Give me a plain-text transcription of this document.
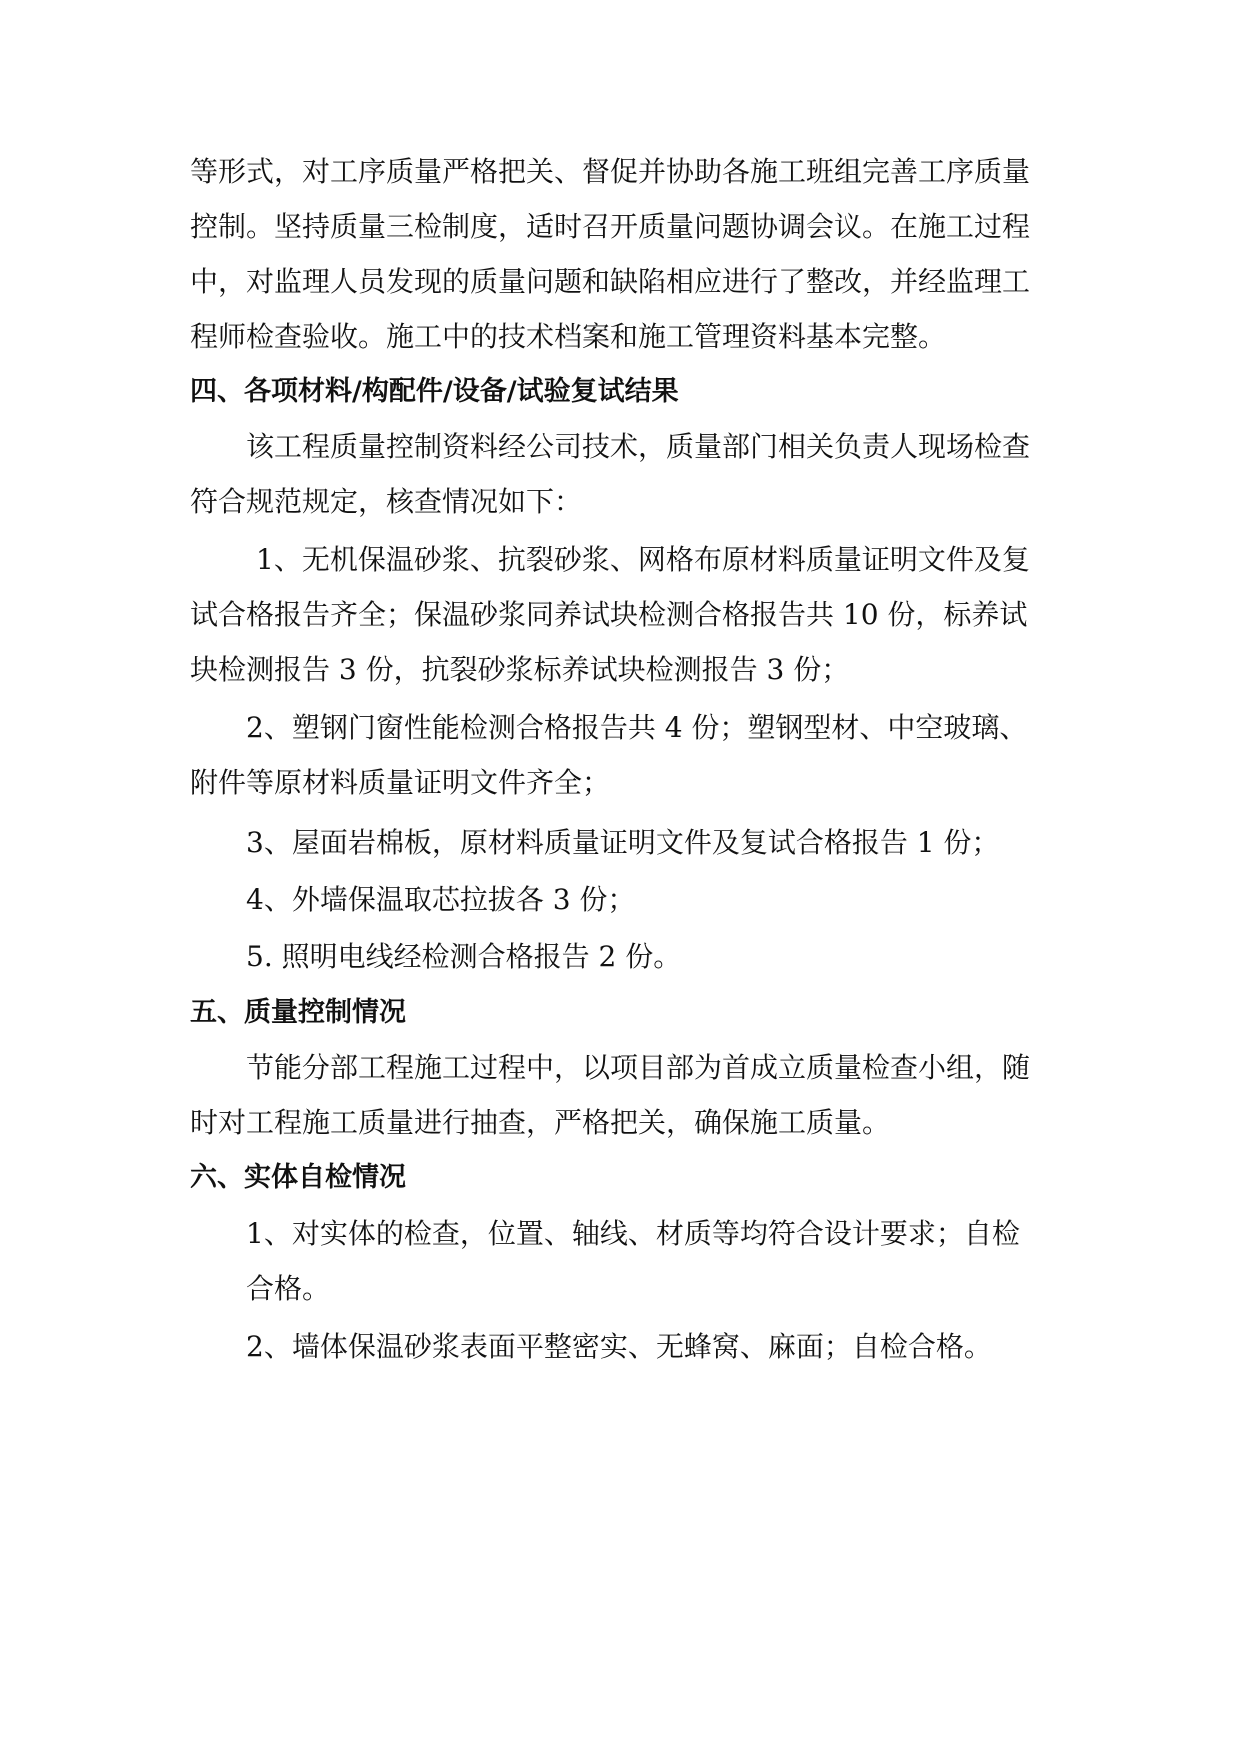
等形式，对工序质量严格把关、督促并协助各施工班组完善工序质量
控制。坚持质量三检制度，适时召开质量问题协调会议。在施工过程
中，对监理人员发现的质量问题和缺陷相应进行了整改，并经监理工
程师检查验收。施工中的技术档案和施工管理资料基本完整。
四、各项材料/构配件/设备/试验复试结果
该工程质量控制资料经公司技术，质量部门相关负责人现场检查
符合规范规定，核查情况如下：
1、无机保温砂浆、抗裂砂浆、网格布原材料质量证明文件及复
试合格报告齐全；保温砂浆同养试块检测合格报告共 10 份，标养试
块检测报告 3 份，抗裂砂浆标养试块检测报告 3 份；
2、塑钢门窗性能检测合格报告共 4 份；塑钢型材、中空玻璃、
附件等原材料质量证明文件齐全；
3、屋面岩棉板，原材料质量证明文件及复试合格报告 1 份；
4、外墙保温取芯拉拔各 3 份；
5. 照明电线经检测合格报告 2 份。
五、质量控制情况
节能分部工程施工过程中，以项目部为首成立质量检查小组，随
时对工程施工质量进行抽查，严格把关，确保施工质量。
六、实体自检情况
1、对实体的检查，位置、轴线、材质等均符合设计要求；自检
合格。
2、墙体保温砂浆表面平整密实、无蜂窝、麻面；自检合格。
